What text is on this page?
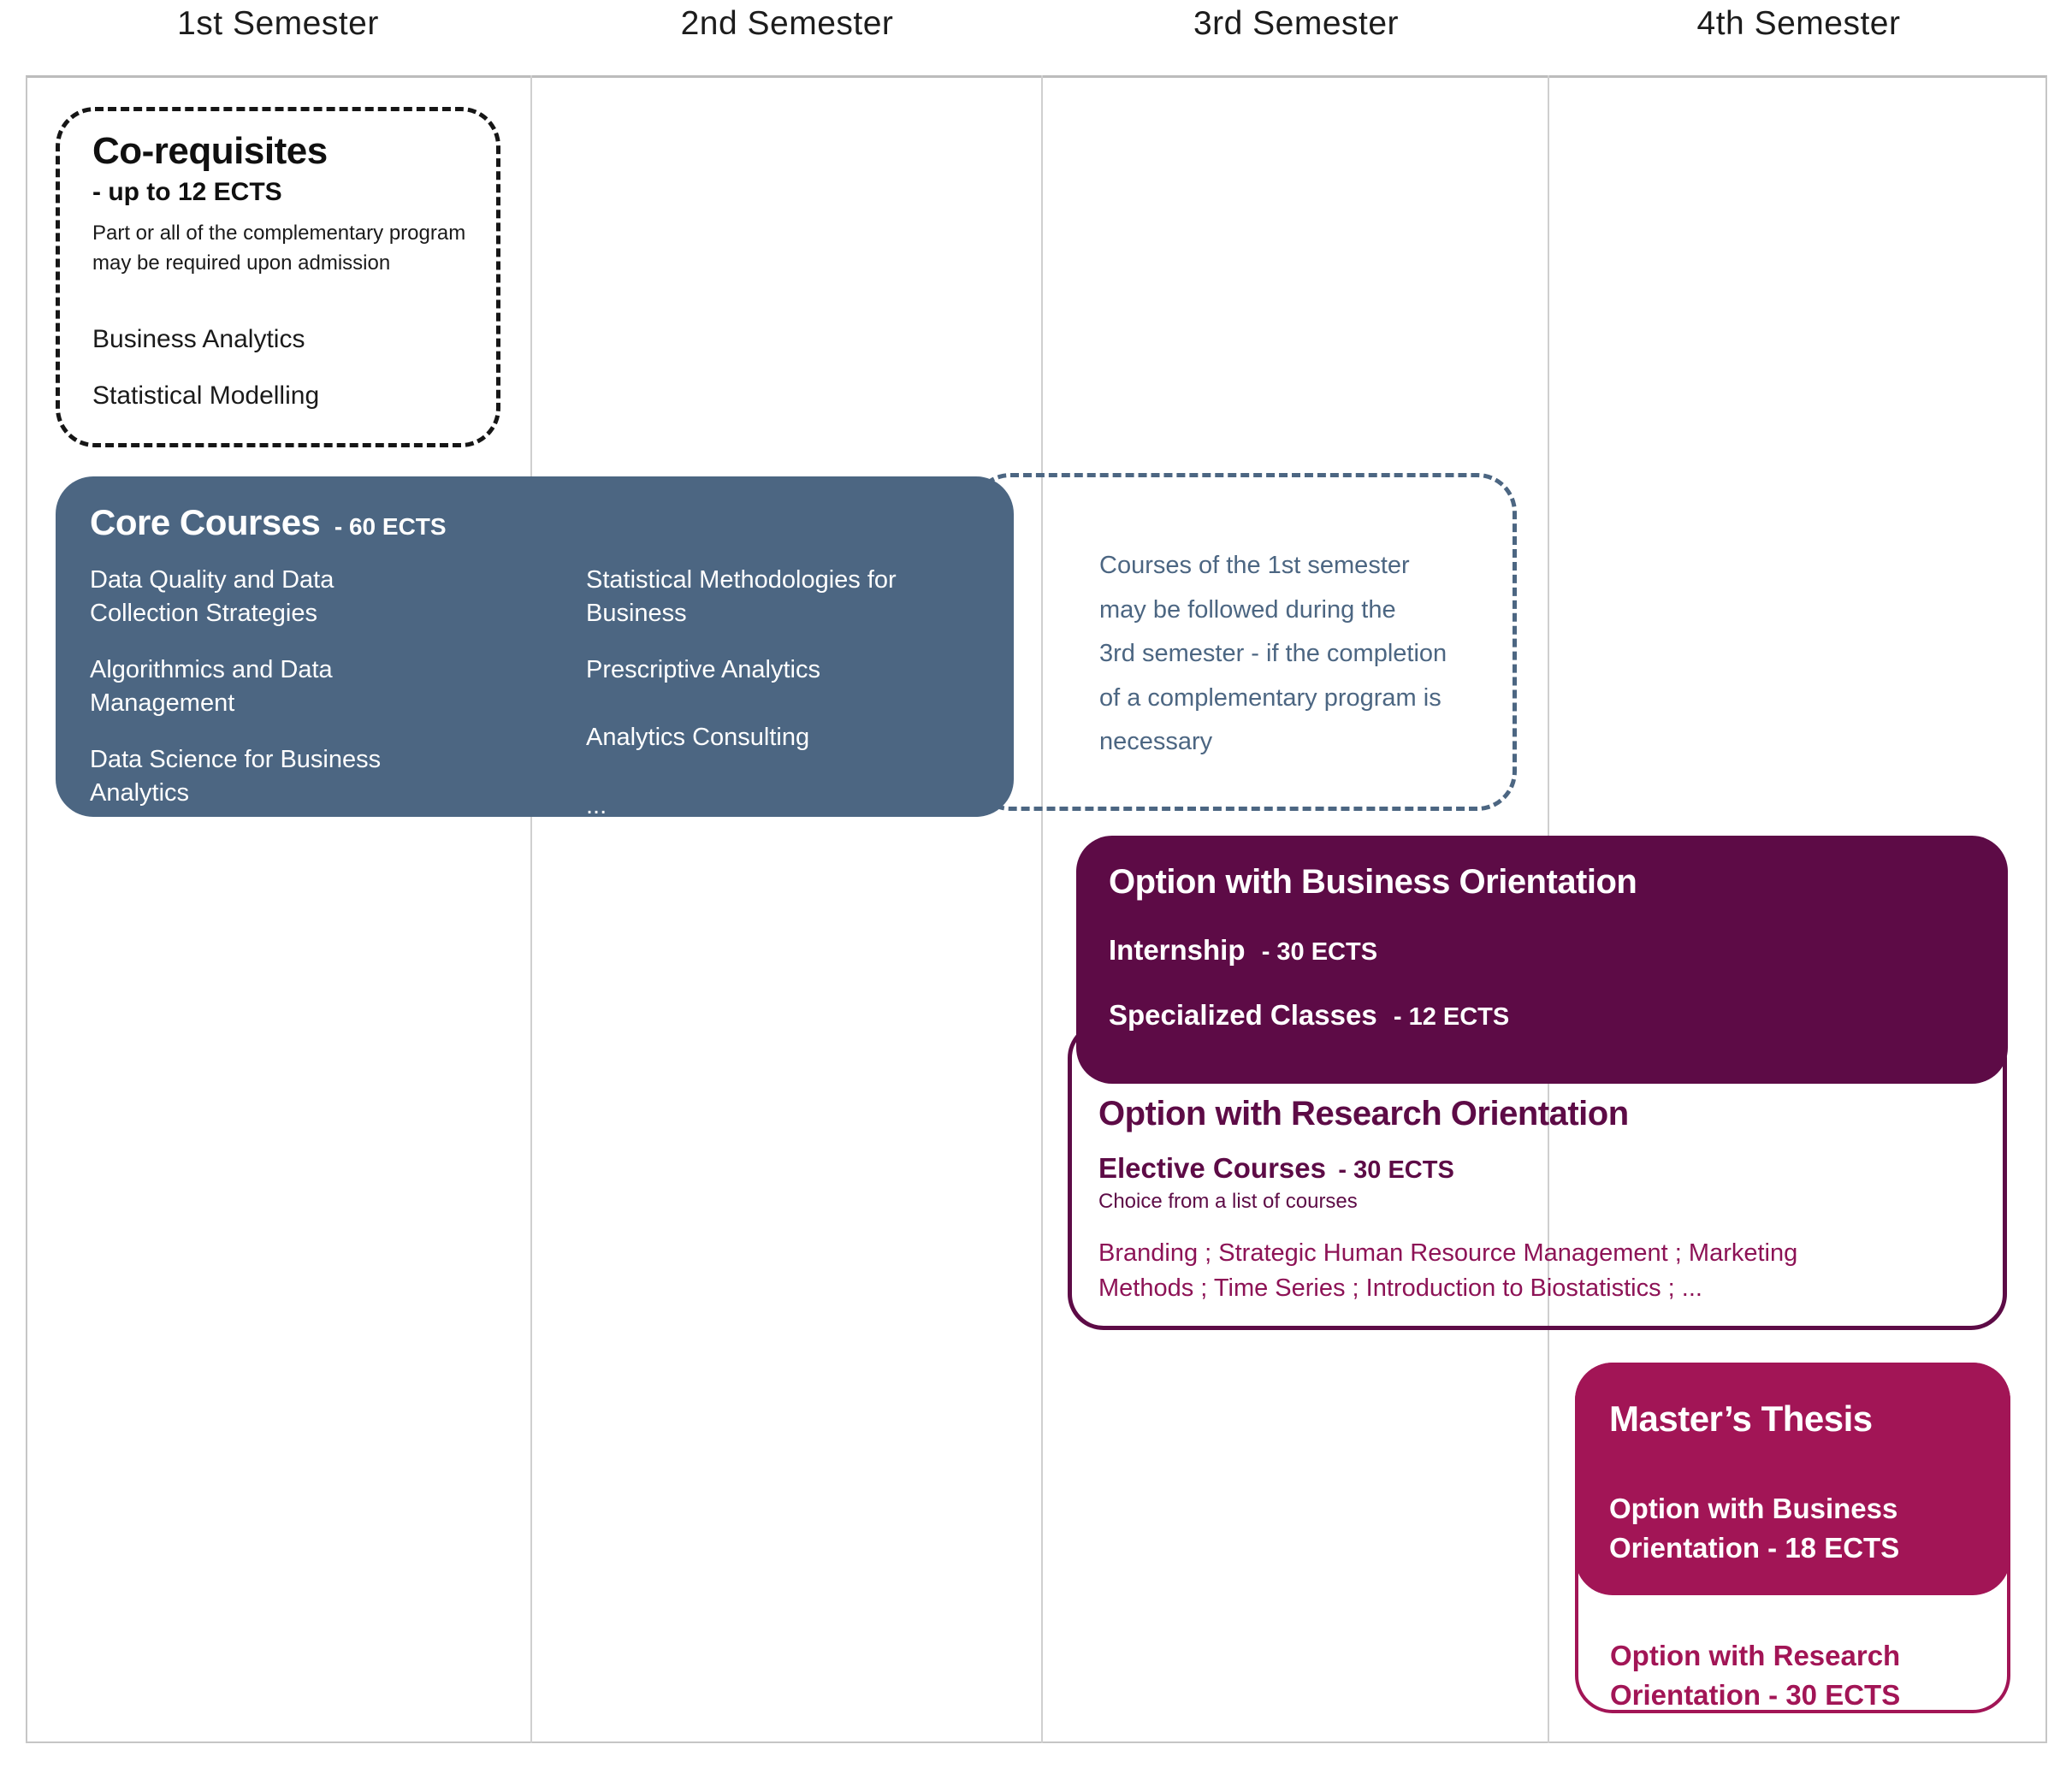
1st Semester	2nd Semester	3rd Semester	4th Semester
Co-requisites
- up to 12 ECTS
Part or all of the complementary program
may be required upon admission
Business Analytics
Statistical Modelling
Courses of the 1st semester
may be followed during the
3rd semester - if the completion
of a complementary program is
necessary
Core Courses - 60 ECTS
Data Quality and Data Collection Strategies
Algorithmics and Data Management
Data Science for Business Analytics
Statistical Methodologies for Business
Prescriptive Analytics
Analytics Consulting
...
Option with Research Orientation
Elective Courses - 30 ECTS
Choice from a list of courses
Branding ; Strategic Human Resource Management ; Marketing Methods ; Time Series ; Introduction to Biostatistics ; ...
Option with Business Orientation
Internship - 30 ECTS
Specialized Classes - 12 ECTS
Option with Research Orientation - 30 ECTS
Master’s Thesis
Option with Business Orientation - 18 ECTS
